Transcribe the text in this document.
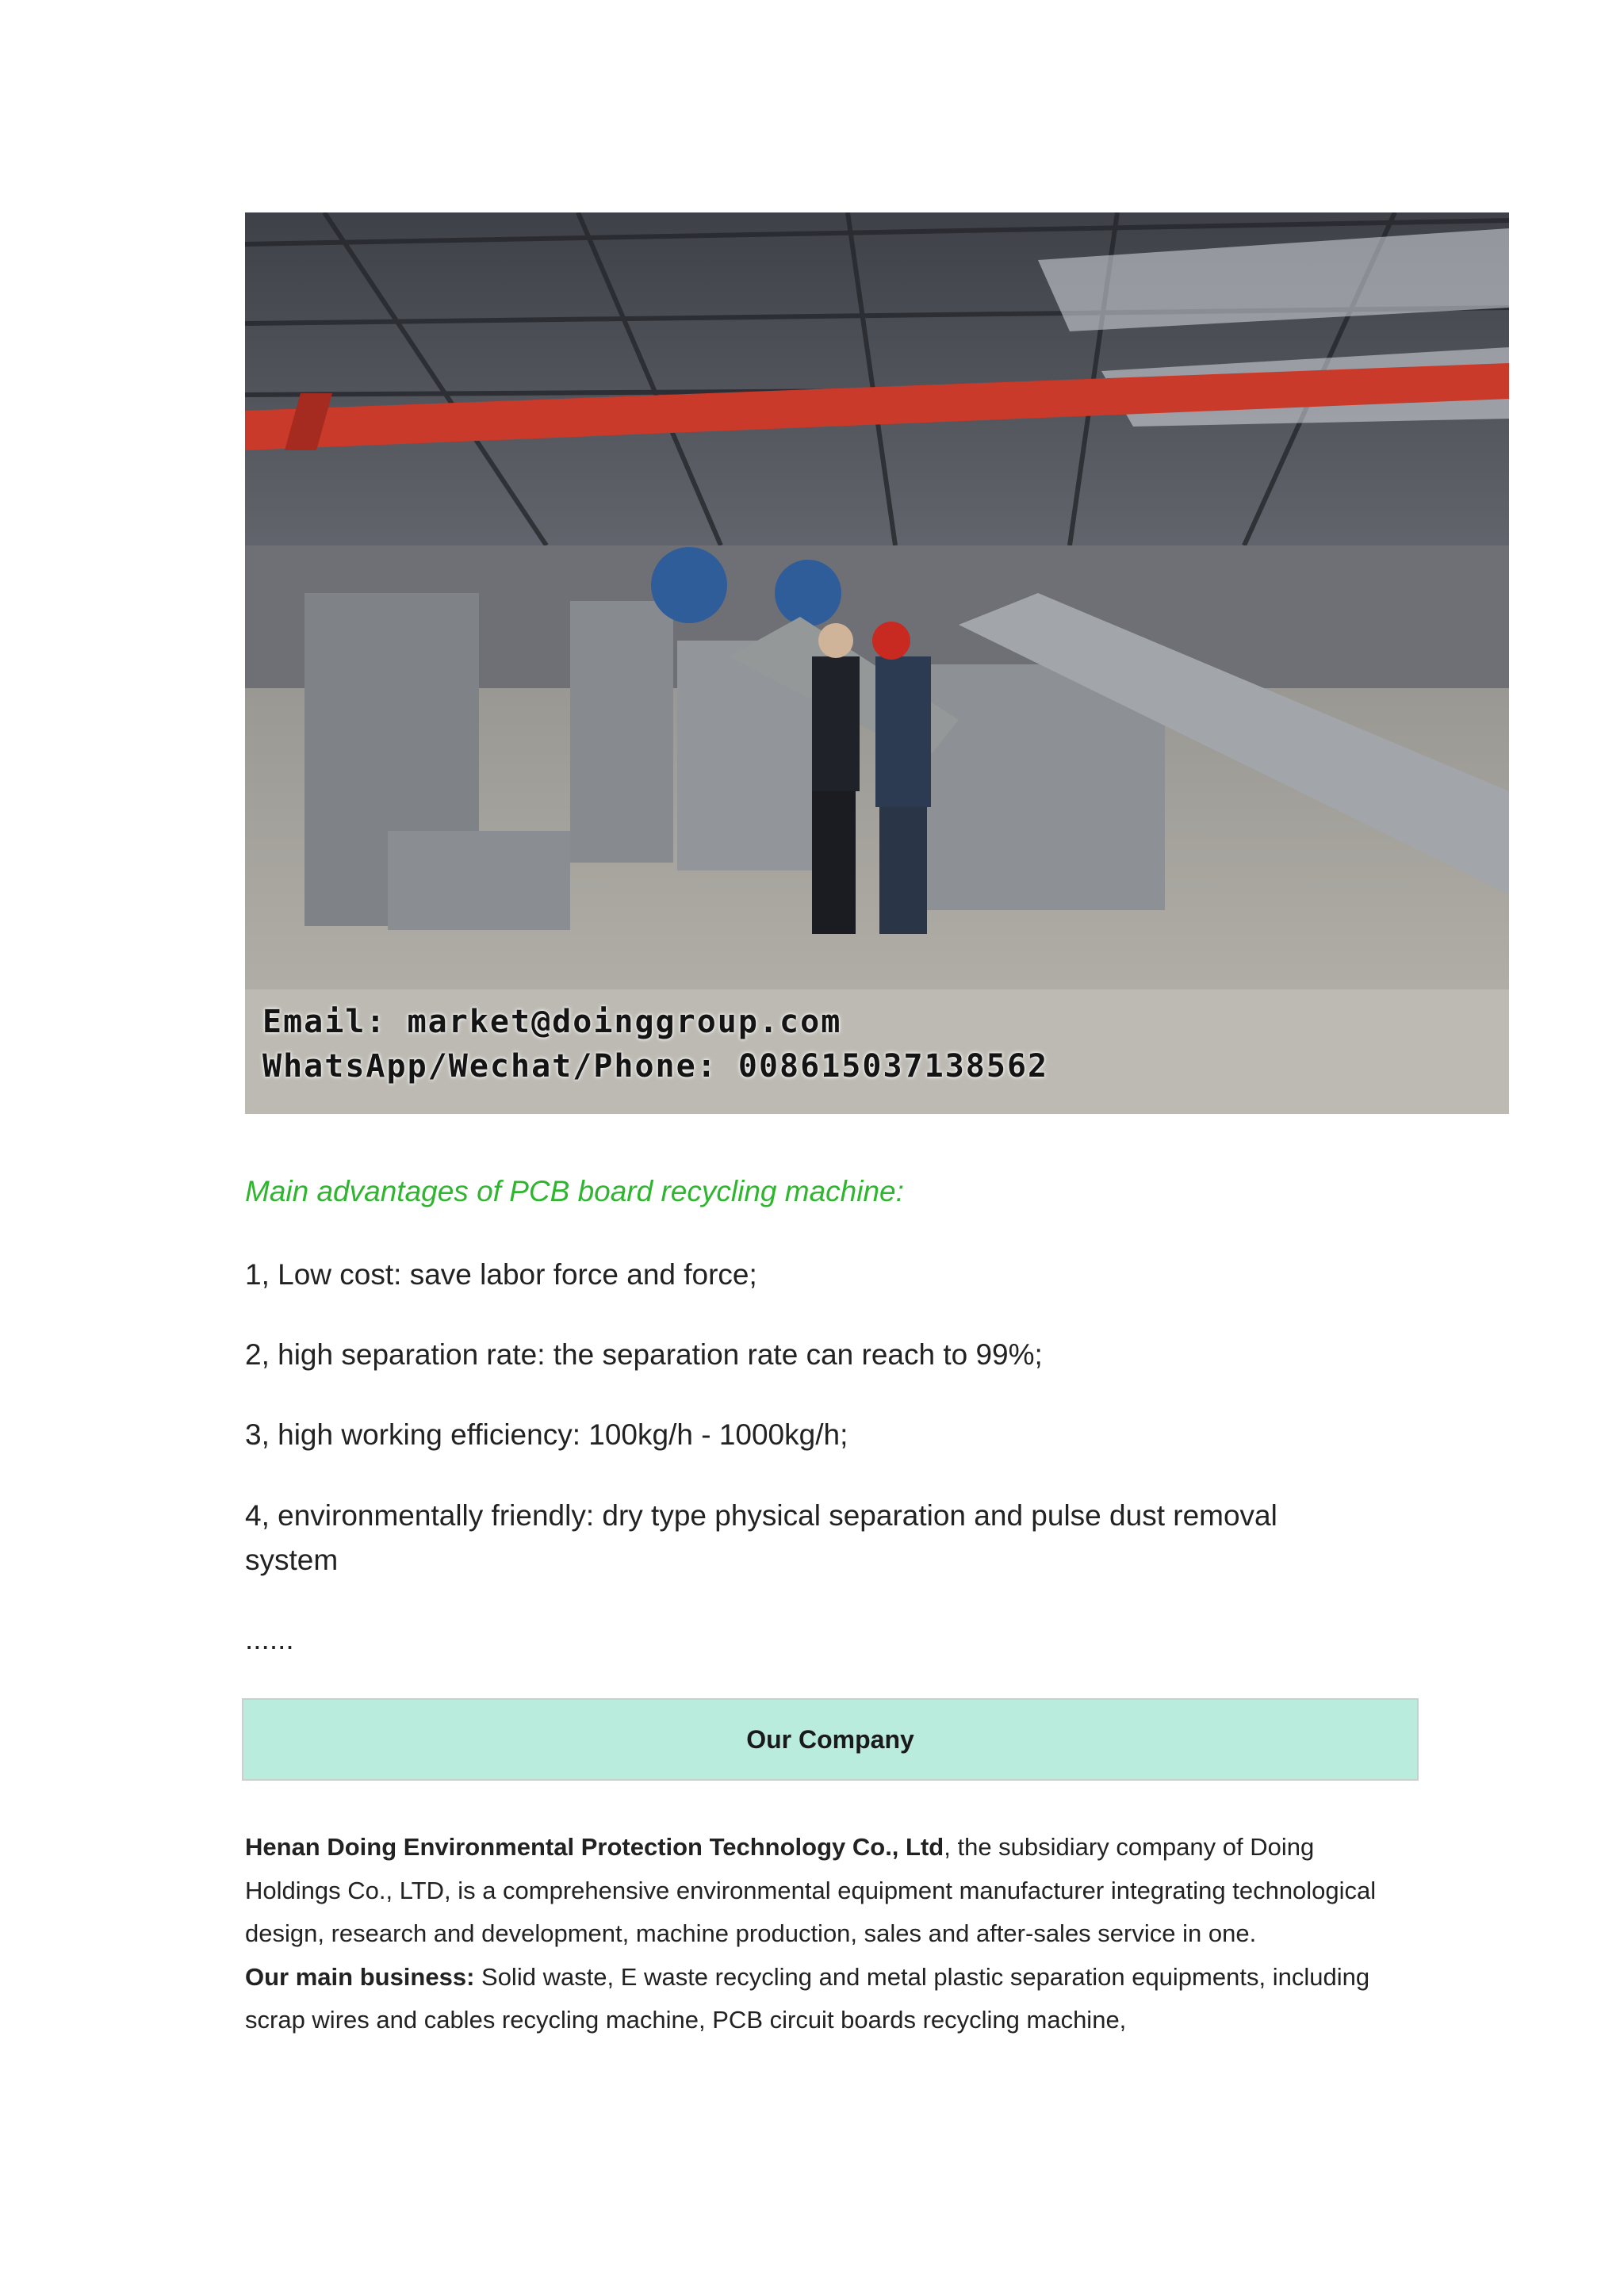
Email: market@doinggroup.com
WhatsApp/Wechat/Phone: 008615037138562
Main advantages of PCB board recycling machine:
1, Low cost: save labor force and force;
2, high separation rate: the separation rate can reach to 99%;
3, high working efficiency: 100kg/h - 1000kg/h;
4, environmentally friendly: dry type physical separation and pulse dust removal system
......
Our Company
Henan Doing Environmental Protection Technology Co., Ltd, the subsidiary company of Doing Holdings Co., LTD, is a comprehensive environmental equipment manufacturer integrating technological design, research and development, machine production, sales and after-sales service in one.
Our main business: Solid waste, E waste recycling and metal plastic separation equipments, including scrap wires and cables recycling machine, PCB circuit boards recycling machine,
